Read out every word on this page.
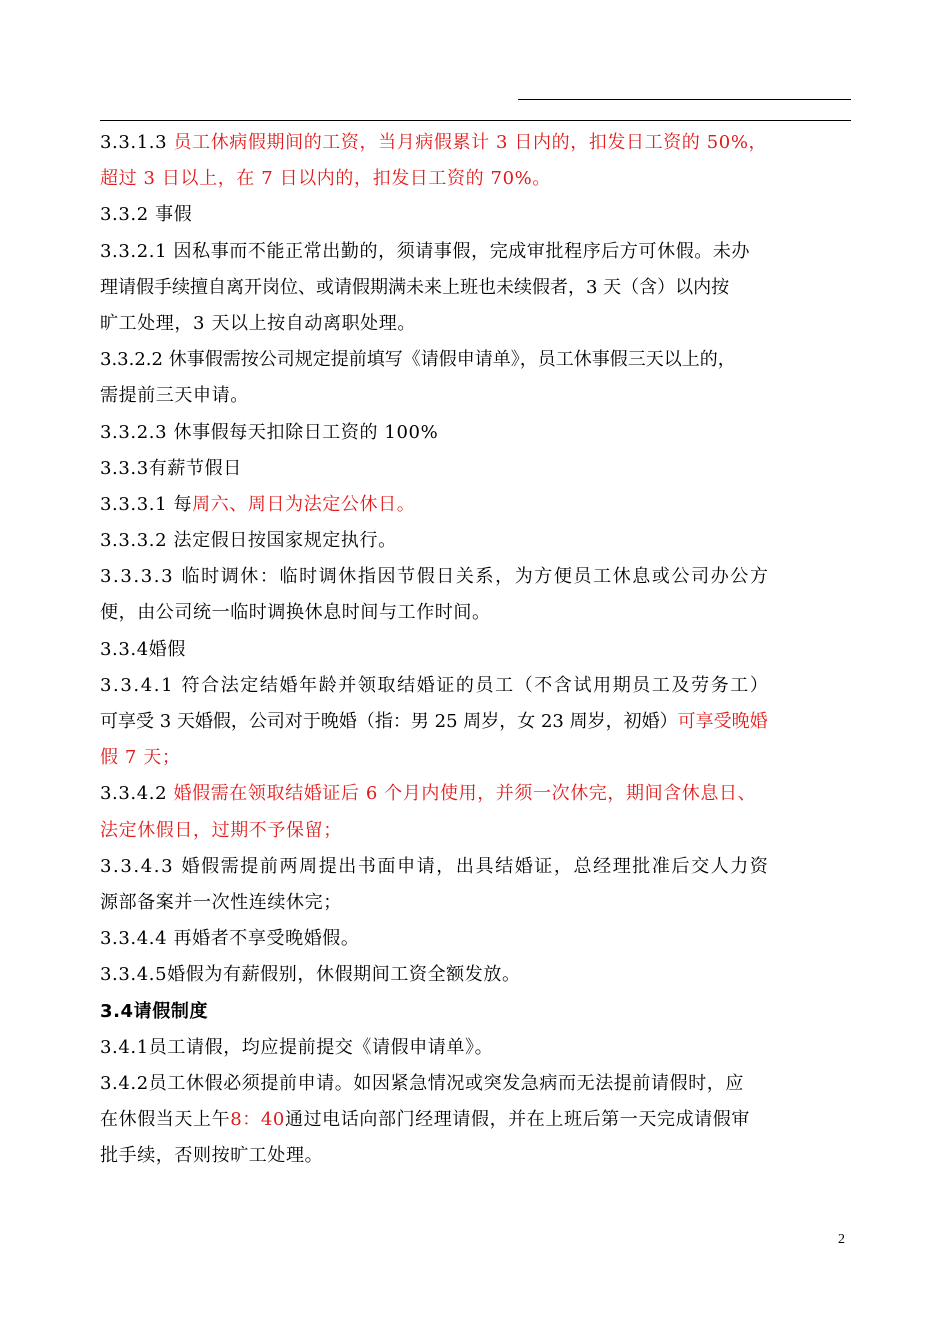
3.3.1.3 员工休病假期间的工资，当月病假累计 3 日内的，扣发日工资的 50%，
超过 3 日以上，在 7 日以内的，扣发日工资的 70%。
3.3.2 事假
3.3.2.1 因私事而不能正常出勤的，须请事假，完成审批程序后方可休假。未办
理请假手续擅自离开岗位、或请假期满未来上班也未续假者，3 天（含）以内按
旷工处理，3 天以上按自动离职处理。
3.3.2.2 休事假需按公司规定提前填写《请假申请单》，员工休事假三天以上的，
需提前三天申请。
3.3.2.3 休事假每天扣除日工资的 100%
3.3.3有薪节假日
3.3.3.1 每周六、周日为法定公休日。
3.3.3.2 法定假日按国家规定执行。
3.3.3.3 临时调休：临时调休指因节假日关系，为方便员工休息或公司办公方
便，由公司统一临时调换休息时间与工作时间。
3.3.4婚假
3.3.4.1 符合法定结婚年龄并领取结婚证的员工（不含试用期员工及劳务工）
可享受 3 天婚假，公司对于晚婚（指：男 25 周岁，女 23 周岁，初婚）可享受晚婚
假 7 天；
3.3.4.2 婚假需在领取结婚证后 6 个月内使用，并须一次休完，期间含休息日、
法定休假日，过期不予保留；
3.3.4.3 婚假需提前两周提出书面申请，出具结婚证，总经理批准后交人力资
源部备案并一次性连续休完；
3.3.4.4 再婚者不享受晚婚假。
3.3.4.5婚假为有薪假别，休假期间工资全额发放。
3.4请假制度
3.4.1员工请假，均应提前提交《请假申请单》。
3.4.2员工休假必须提前申请。如因紧急情况或突发急病而无法提前请假时，应
在休假当天上午8：40通过电话向部门经理请假，并在上班后第一天完成请假审
批手续，否则按旷工处理。
2
